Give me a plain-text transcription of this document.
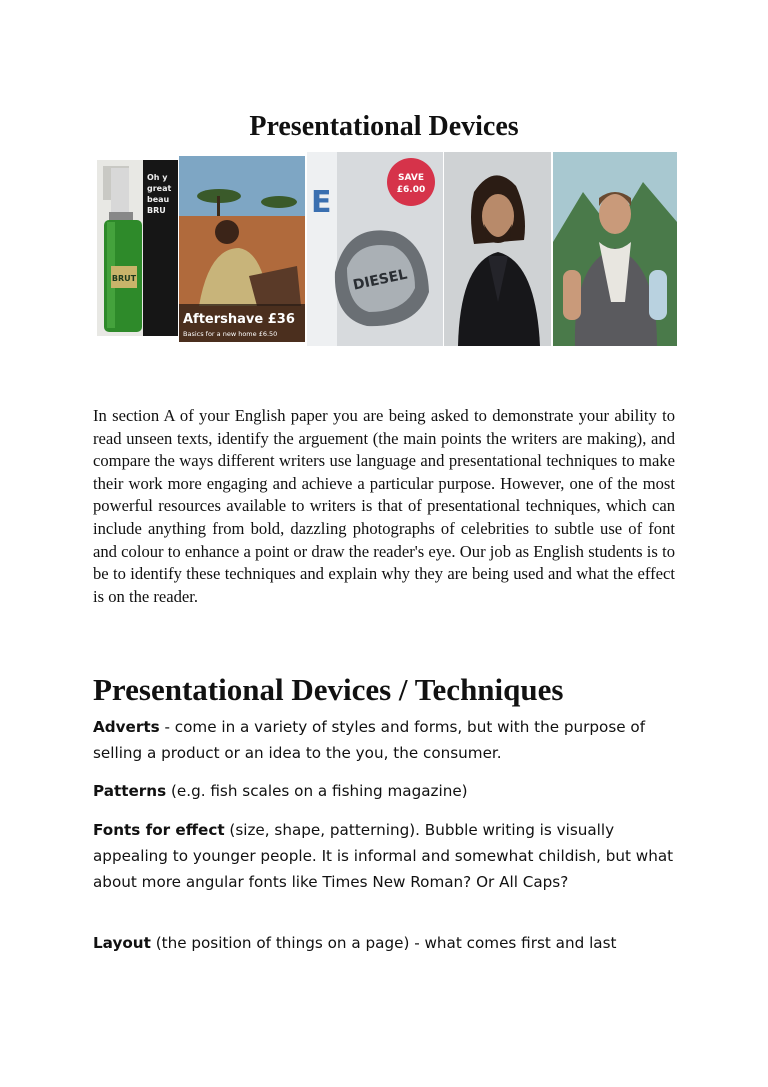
Presentational Devices
BRUT
Oh y
great
beau
BRU
Aftershave £36
Basics for a new home £6.50
E
SAVE
£6.00
DIESEL

In section A of your English paper you are being asked to demonstrate your ability to read unseen texts, identify the arguement (the main points the writers are making), and compare the ways different writers use language and presentational techniques to make their work more engaging and achieve a particular purpose. However, one of the most powerful resources available to writers is that of presentational techniques, which can include anything from bold, dazzling photographs of celebrities to subtle use of font and colour to enhance a point or draw the reader's eye. Our job as English students is to be to identify these techniques and explain why they are being used and what the effect is on the reader.

Presentational Devices / Techniques

Adverts - come in a variety of styles and forms, but with the purpose of selling a product or an idea to the you, the consumer.

Patterns (e.g. fish scales on a fishing magazine)

Fonts for effect (size, shape, patterning). Bubble writing is visually appealing to younger people. It is informal and somewhat childish, but what about more angular fonts like Times New Roman? Or All Caps?

Layout (the position of things on a page) - what comes first and last
